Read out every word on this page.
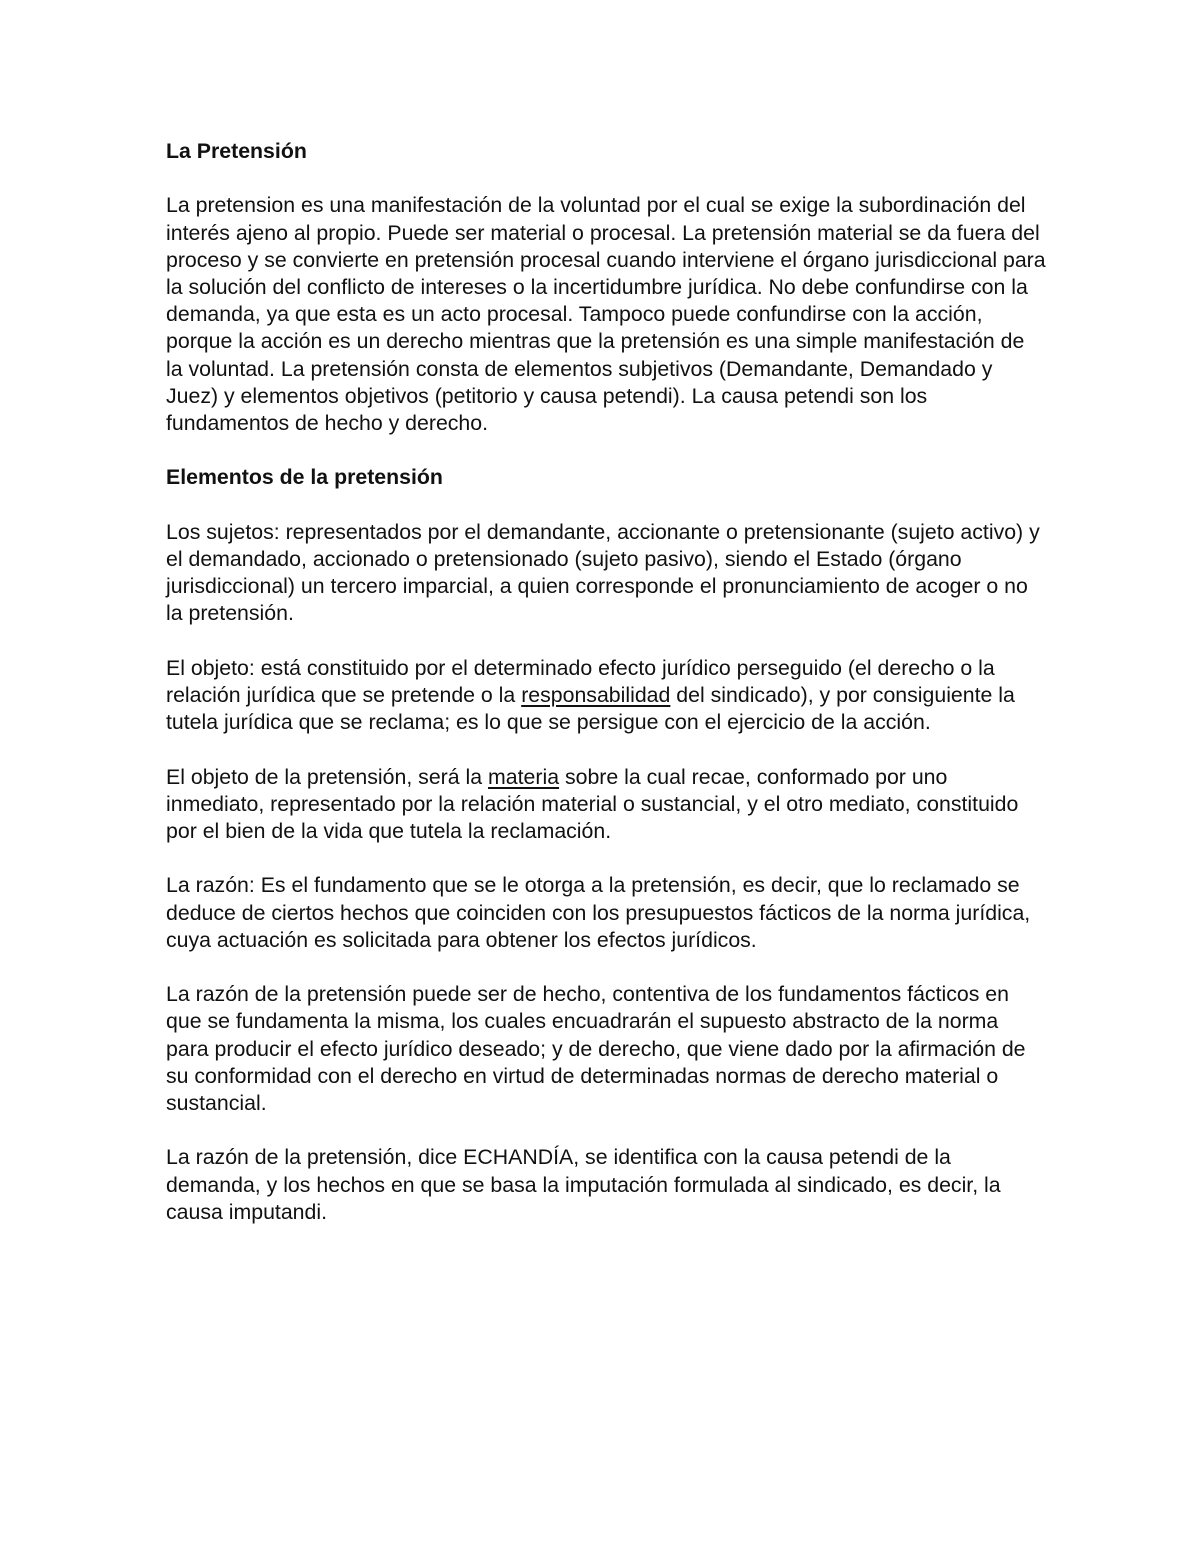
La Pretensión

La pretension es una manifestación de la voluntad por el cual se exige la subordinación del interés ajeno al propio. Puede ser material o procesal. La pretensión material se da fuera del proceso y se convierte en pretensión procesal cuando interviene el órgano jurisdiccional para la solución del conflicto de intereses o la incertidumbre jurídica. No debe confundirse con la demanda, ya que esta es un acto procesal. Tampoco puede confundirse con la acción, porque la acción es un derecho mientras que la pretensión es una simple manifestación de la voluntad. La pretensión consta de elementos subjetivos (Demandante, Demandado y Juez) y elementos objetivos (petitorio y causa petendi). La causa petendi son los fundamentos de hecho y derecho.

Elementos de la pretensión

Los sujetos: representados por el demandante, accionante o pretensionante (sujeto activo) y el demandado, accionado o pretensionado (sujeto pasivo), siendo el Estado (órgano jurisdiccional) un tercero imparcial, a quien corresponde el pronunciamiento de acoger o no la pretensión.

El objeto: está constituido por el determinado efecto jurídico perseguido (el derecho o la relación jurídica que se pretende o la responsabilidad del sindicado), y por consiguiente la tutela jurídica que se reclama; es lo que se persigue con el ejercicio de la acción.

El objeto de la pretensión, será la materia sobre la cual recae, conformado por uno inmediato, representado por la relación material o sustancial, y el otro mediato, constituido por el bien de la vida que tutela la reclamación.

La razón: Es el fundamento que se le otorga a la pretensión, es decir, que lo reclamado se deduce de ciertos hechos que coinciden con los presupuestos fácticos de la norma jurídica, cuya actuación es solicitada para obtener los efectos jurídicos.

La razón de la pretensión puede ser de hecho, contentiva de los fundamentos fácticos en que se fundamenta la misma, los cuales encuadrarán el supuesto abstracto de la norma para producir el efecto jurídico deseado; y de derecho, que viene dado por la afirmación de su conformidad con el derecho en virtud de determinadas normas de derecho material o sustancial.

La razón de la pretensión, dice ECHANDÍA, se identifica con la causa petendi de la demanda, y los hechos en que se basa la imputación formulada al sindicado, es decir, la causa imputandi.
